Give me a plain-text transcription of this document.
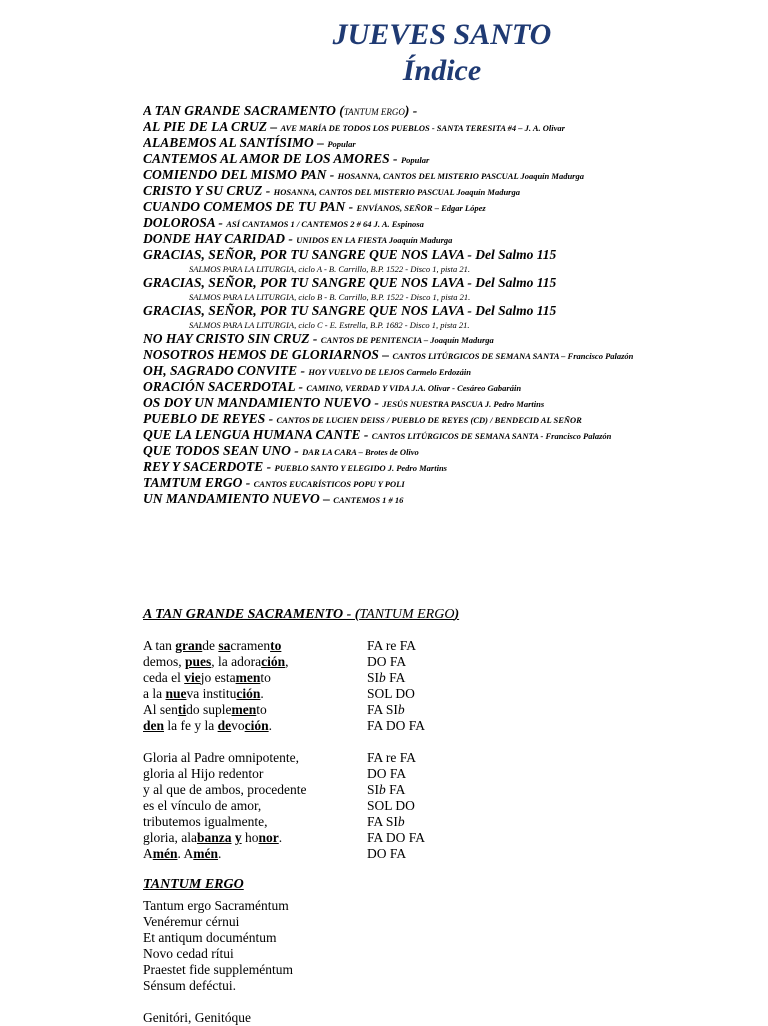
JUEVES SANTO
Índice
A TAN GRANDE SACRAMENTO (TANTUM ERGO) -
AL PIE DE LA CRUZ – AVE MARÍA DE TODOS LOS PUEBLOS - SANTA TERESITA #4 – J. A. Olivar
ALABEMOS AL SANTÍSIMO – Popular
CANTEMOS AL AMOR DE LOS AMORES - Popular
COMIENDO DEL MISMO PAN - HOSANNA, CANTOS DEL MISTERIO PASCUAL Joaquín Madurga
CRISTO Y SU CRUZ - HOSANNA, CANTOS DEL MISTERIO PASCUAL Joaquín Madurga
CUANDO COMEMOS DE TU PAN - ENVÍANOS, SEÑOR – Edgar López
DOLOROSA - ASÍ CANTAMOS 1 / CANTEMOS 2 # 64 J. A. Espinosa
DONDE HAY CARIDAD - UNIDOS EN LA FIESTA Joaquín Madurga
GRACIAS, SEÑOR, POR TU SANGRE QUE NOS LAVA - Del Salmo 115
SALMOS PARA LA LITURGIA, ciclo A - B. Carrillo, B.P. 1522 - Disco 1, pista 21.
GRACIAS, SEÑOR, POR TU SANGRE QUE NOS LAVA - Del Salmo 115
SALMOS PARA LA LITURGIA, ciclo B - B. Carrillo, B.P. 1522 - Disco 1, pista 21.
GRACIAS, SEÑOR, POR TU SANGRE QUE NOS LAVA - Del Salmo 115
SALMOS PARA LA LITURGIA, ciclo C - E. Estrella, B.P. 1682 - Disco 1, pista 21.
NO HAY CRISTO SIN CRUZ - CANTOS DE PENITENCIA – Joaquín Madurga
NOSOTROS HEMOS DE GLORIARNOS – CANTOS LITÚRGICOS DE SEMANA SANTA – Francisco Palazón
OH, SAGRADO CONVITE - HOY VUELVO DE LEJOS Carmelo Erdozáin
ORACIÓN SACERDOTAL - CAMINO, VERDAD Y VIDA J.A. Olivar - Cesáreo Gabaráin
OS DOY UN MANDAMIENTO NUEVO - JESÚS NUESTRA PASCUA J. Pedro Martins
PUEBLO DE REYES - CANTOS DE LUCIEN DEISS / PUEBLO DE REYES (CD) / BENDECID AL SEÑOR
QUE LA LENGUA HUMANA CANTE - CANTOS LITÚRGICOS DE SEMANA SANTA - Francisco Palazón
QUE TODOS SEAN UNO - DAR LA CARA – Brotes de Olivo
REY Y SACERDOTE - PUEBLO SANTO Y ELEGIDO J. Pedro Martins
TAMTUM ERGO - CANTOS EUCARÍSTICOS POPU Y POLI
UN MANDAMIENTO NUEVO – CANTEMOS 1 # 16
A TAN GRANDE SACRAMENTO - (TANTUM ERGO)
A tan grande sacramento	FA re FA
demos, pues, la adoración,	DO FA
ceda el viejo estamento	SIb FA
a la nueva institución.	SOL DO
Al sentido suplemento	FA SIb
den la fe y la devoción.	FA DO FA
Gloria al Padre omnipotente,	FA re FA
gloria al Hijo redentor	DO FA
y al que de ambos, procedente	SIb FA
es el vínculo de amor,	SOL DO
tributemos igualmente,	FA SIb
gloria, alabanza y honor.	FA DO FA
Amén. Amén.	DO FA
TANTUM ERGO
Tantum ergo Sacraméntum
Venéremur cérnui
Et antiqum documéntum
Novo cedad rítui
Praestet fide suppleméntum
Sénsum deféctui.
Genitóri, Genitóque
